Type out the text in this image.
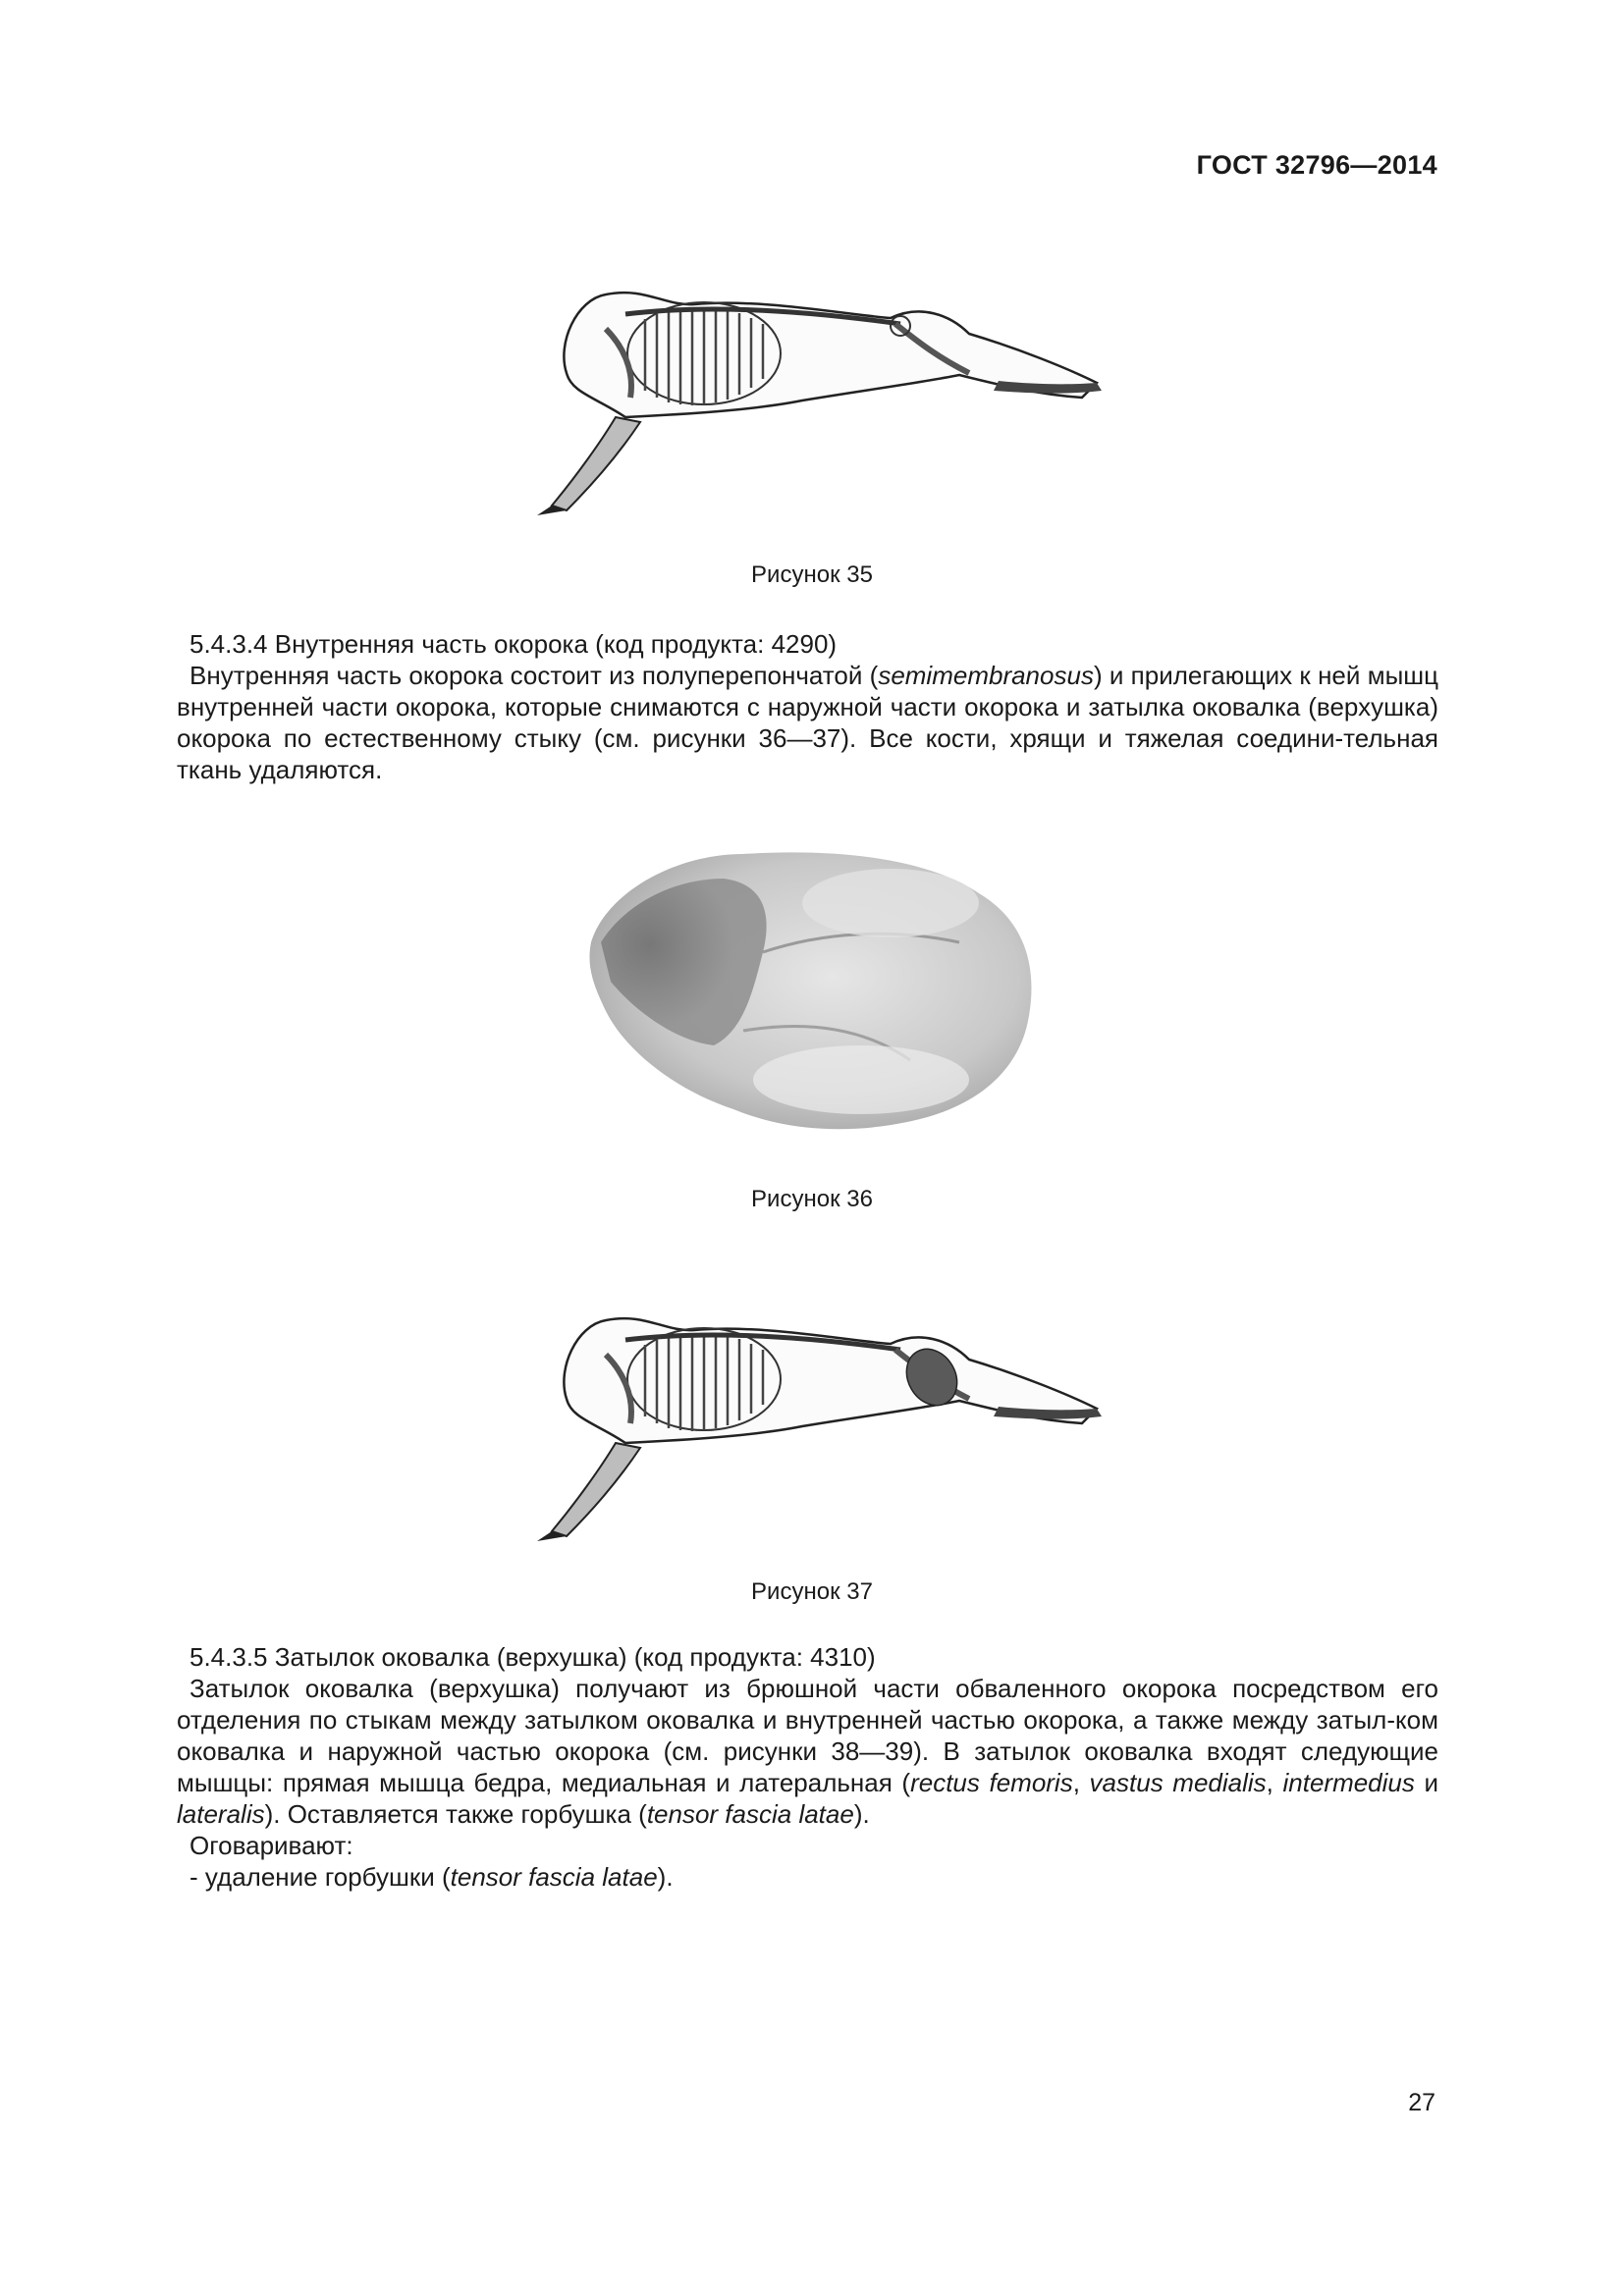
ГОСТ 32796—2014
Рисунок 35

5.4.3.4 Внутренняя часть окорока (код продукта: 4290)

Внутренняя часть окорока состоит из полуперепончатой (semimembranosus) и прилегающих к ней мышц внутренней части окорока, которые снимаются с наружной части окорока и затылка оковалка (верхушка) окорока по естественному стыку (см. рисунки 36—37). Все кости, хрящи и тяжелая соедини-тельная ткань удаляются.

Рисунок 36
Рисунок 37

5.4.3.5 Затылок оковалка (верхушка) (код продукта: 4310)

Затылок оковалка (верхушка) получают из брюшной части обваленного окорока посредством его отделения по стыкам между затылком оковалка и внутренней частью окорока, а также между затыл-ком оковалка и наружной частью окорока (см. рисунки 38—39). В затылок оковалка входят следующие мышцы: прямая мышца бедра, медиальная и латеральная (rectus femoris, vastus medialis, intermedius и lateralis). Оставляется также горбушка (tensor fascia latae).

Оговаривают:

- удаление горбушки (tensor fascia latae).

27
